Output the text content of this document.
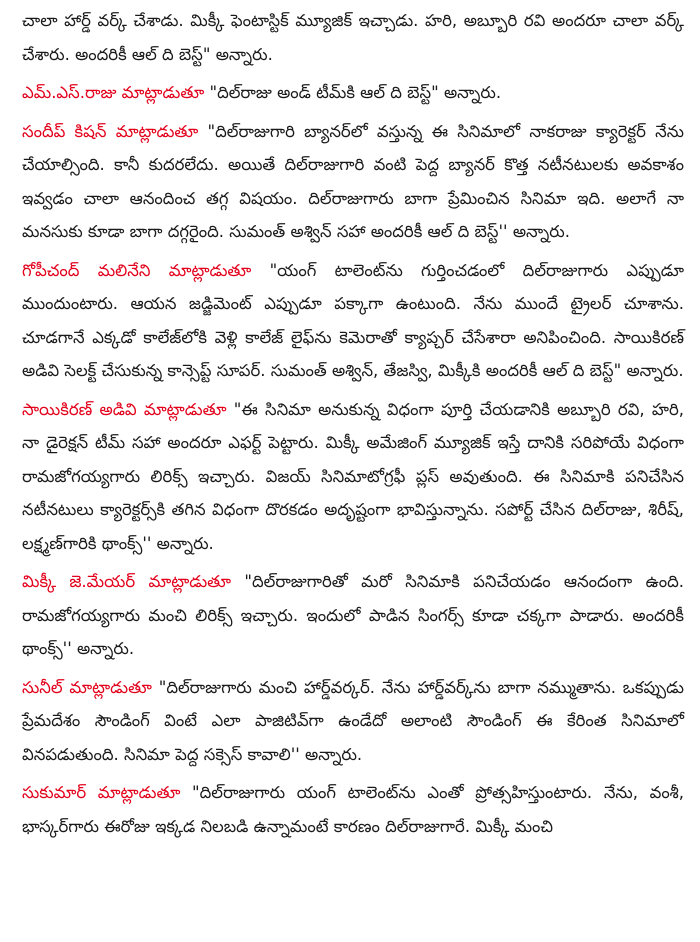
చాలా హార్డ్ వర్క్ చేశాడు. మిక్కీ ఫెంటాస్టిక్ మ్యూజిక్ ఇచ్చాడు. హరి, అబ్బూరి రవి అందరూ చాలా వర్క్ చేశారు. అందరికీ ఆల్ ది బెస్ట్" అన్నారు.

ఎమ్.ఎస్.రాజు మాట్లాడుతూ "దిల్‌రాజు అండ్ టీమ్‌కి ఆల్ ది బెస్ట్" అన్నారు.

సందీప్ కిషన్ మాట్లాడుతూ "దిల్‌రాజుగారి బ్యానర్‌లో వస్తున్న ఈ సినిమాలో నాకరాజు క్యారెక్టర్ నేను చేయాల్సింది. కానీ కుదరలేదు. అయితే దిల్‌రాజుగారి వంటి పెద్ద బ్యానర్ కొత్త నటీనటులకు అవకాశం ఇవ్వడం చాలా ఆనందించ తగ్గ విషయం. దిల్‌రాజుగారు బాగా ప్రేమించిన సినిమా ఇది. అలాగే నా మనసుకు కూడా బాగా దగ్గరైంది. సుమంత్ అశ్విన్ సహా అందరికీ ఆల్ ది బెస్ట్'' అన్నారు.

గోపీచంద్ మలినేని మాట్లాడుతూ "యంగ్ టాలెంట్‌ను గుర్తించడంలో దిల్‌రాజుగారు ఎప్పుడూ ముందుంటారు. ఆయన జడ్జిమెంట్ ఎప్పుడూ పక్కాగా ఉంటుంది. నేను ముందే ట్రైలర్ చూశాను. చూడగానే ఎక్కడో కాలేజ్‌లోకి వెళ్లి కాలేజ్ లైఫ్‌ను కెమెరాతో క్యాప్చర్ చేసేశారా అనిపించింది. సాయికిరణ్ అడివి సెలక్ట్ చేసుకున్న కాన్సెప్ట్ సూపర్. సుమంత్ అశ్విన్, తేజస్వి, మిక్కీకి అందరికీ ఆల్ ది బెస్ట్" అన్నారు.

సాయికిరణ్ అడివి మాట్లాడుతూ "ఈ సినిమా అనుకున్న విధంగా పూర్తి చేయడానికి అబ్బూరి రవి, హరి, నా డైరెక్షన్ టీమ్ సహా అందరూ ఎఫర్ట్ పెట్టారు. మిక్కీ అమేజింగ్ మ్యూజిక్ ఇస్తే దానికి సరిపోయే విధంగా రామజోగయ్యగారు లిరిక్స్ ఇచ్చారు. విజయ్ సినిమాటోగ్రఫీ ప్లస్ అవుతుంది. ఈ సినిమాకి పనిచేసిన నటీనటులు క్యారెక్టర్స్‌కి తగిన విధంగా దొరకడం అదృష్టంగా భావిస్తున్నాను. సపోర్ట్ చేసిన దిల్‌రాజు, శిరీష్, లక్ష్మణ్‌గారికి థాంక్స్'' అన్నారు.

మిక్కీ జె.మేయర్ మాట్లాడుతూ "దిల్‌రాజుగారితో మరో సినిమాకి పనిచేయడం ఆనందంగా ఉంది. రామజోగయ్యగారు మంచి లిరిక్స్ ఇచ్చారు. ఇందులో పాడిన సింగర్స్ కూడా చక్కగా పాడారు. అందరికీ థాంక్స్'' అన్నారు.

సునీల్ మాట్లాడుతూ "దిల్‌రాజుగారు మంచి హార్డ్‌వర్కర్. నేను హార్డ్‌వర్క్‌ను బాగా నమ్ముతాను. ఒకప్పుడు ప్రేమదేశం సౌండింగ్ వింటే ఎలా పాజిటివ్‌గా ఉండేదో అలాంటి సౌండింగ్ ఈ కేరింత సినిమాలో వినపడుతుంది. సినిమా పెద్ద సక్సెస్ కావాలి'' అన్నారు.

సుకుమార్ మాట్లాడుతూ "దిల్‌రాజుగారు యంగ్ టాలెంట్‌ను ఎంతో ప్రోత్సహిస్తుంటారు. నేను, వంశీ, భాస్కర్‌గారు ఈరోజు ఇక్కడ నిలబడి ఉన్నామంటే కారణం దిల్‌రాజుగారే. మిక్కీ మంచి
